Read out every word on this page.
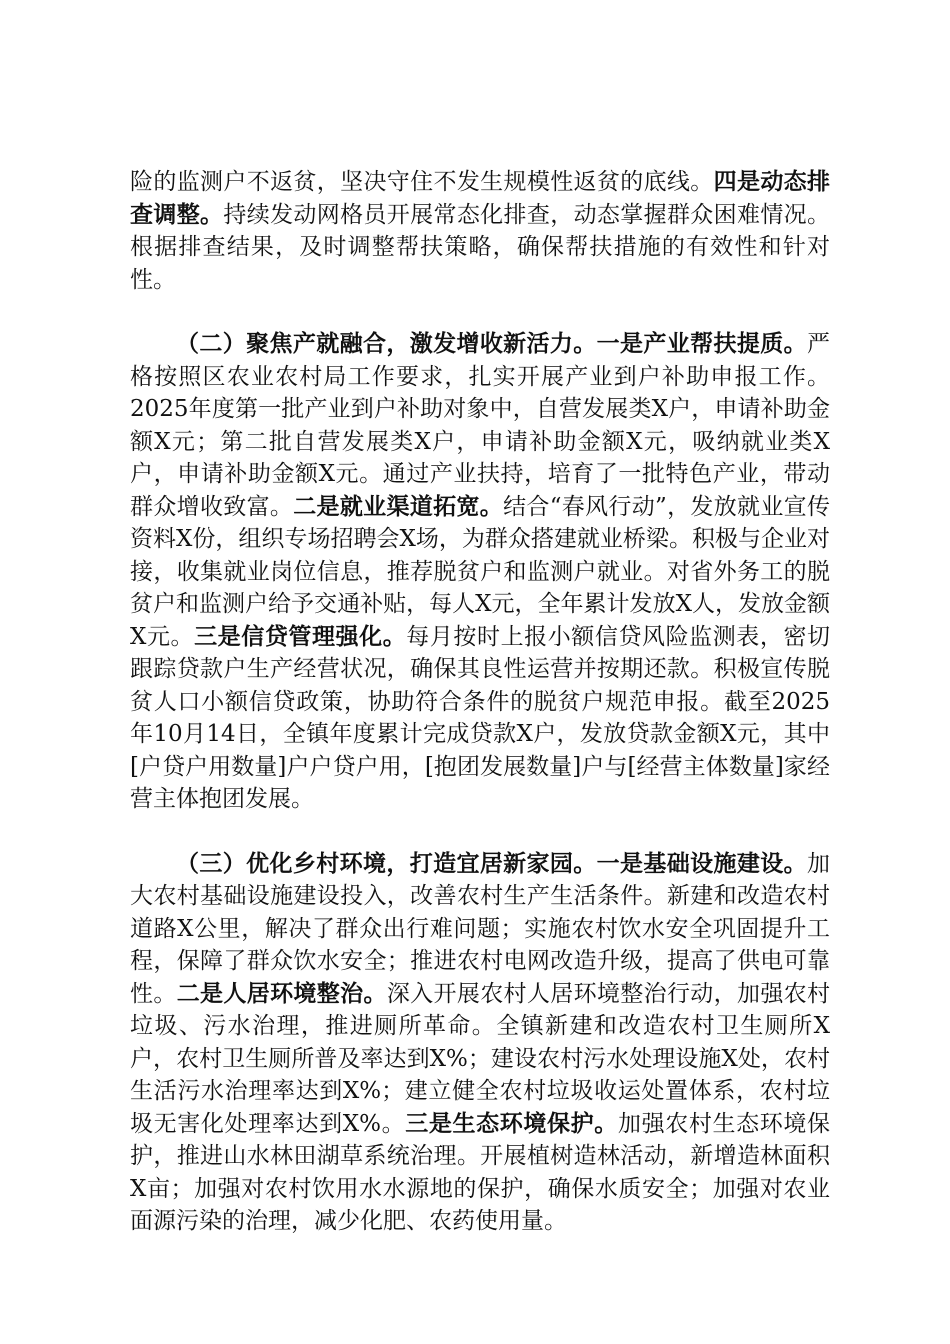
险的监测户不返贫，坚决守住不发生规模性返贫的底线。四是动态排查调整。持续发动网格员开展常态化排查，动态掌握群众困难情况。根据排查结果，及时调整帮扶策略，确保帮扶措施的有效性和针对性。

（二）聚焦产就融合，激发增收新活力。一是产业帮扶提质。严格按照区农业农村局工作要求，扎实开展产业到户补助申报工作。2025年度第一批产业到户补助对象中，自营发展类X户，申请补助金额X元；第二批自营发展类X户，申请补助金额X元，吸纳就业类X户，申请补助金额X元。通过产业扶持，培育了一批特色产业，带动群众增收致富。二是就业渠道拓宽。结合“春风行动”，发放就业宣传资料X份，组织专场招聘会X场，为群众搭建就业桥梁。积极与企业对接，收集就业岗位信息，推荐脱贫户和监测户就业。对省外务工的脱贫户和监测户给予交通补贴，每人X元，全年累计发放X人，发放金额X元。三是信贷管理强化。每月按时上报小额信贷风险监测表，密切跟踪贷款户生产经营状况，确保其良性运营并按期还款。积极宣传脱贫人口小额信贷政策，协助符合条件的脱贫户规范申报。截至2025年10月14日，全镇年度累计完成贷款X户，发放贷款金额X元，其中[户贷户用数量]户户贷户用，[抱团发展数量]户与[经营主体数量]家经营主体抱团发展。

（三）优化乡村环境，打造宜居新家园。一是基础设施建设。加大农村基础设施建设投入，改善农村生产生活条件。新建和改造农村道路X公里，解决了群众出行难问题；实施农村饮水安全巩固提升工程，保障了群众饮水安全；推进农村电网改造升级，提高了供电可靠性。二是人居环境整治。深入开展农村人居环境整治行动，加强农村垃圾、污水治理，推进厕所革命。全镇新建和改造农村卫生厕所X户，农村卫生厕所普及率达到X%；建设农村污水处理设施X处，农村生活污水治理率达到X%；建立健全农村垃圾收运处置体系，农村垃圾无害化处理率达到X%。三是生态环境保护。加强农村生态环境保护，推进山水林田湖草系统治理。开展植树造林活动，新增造林面积X亩；加强对农村饮用水水源地的保护，确保水质安全；加强对农业面源污染的治理，减少化肥、农药使用量。
